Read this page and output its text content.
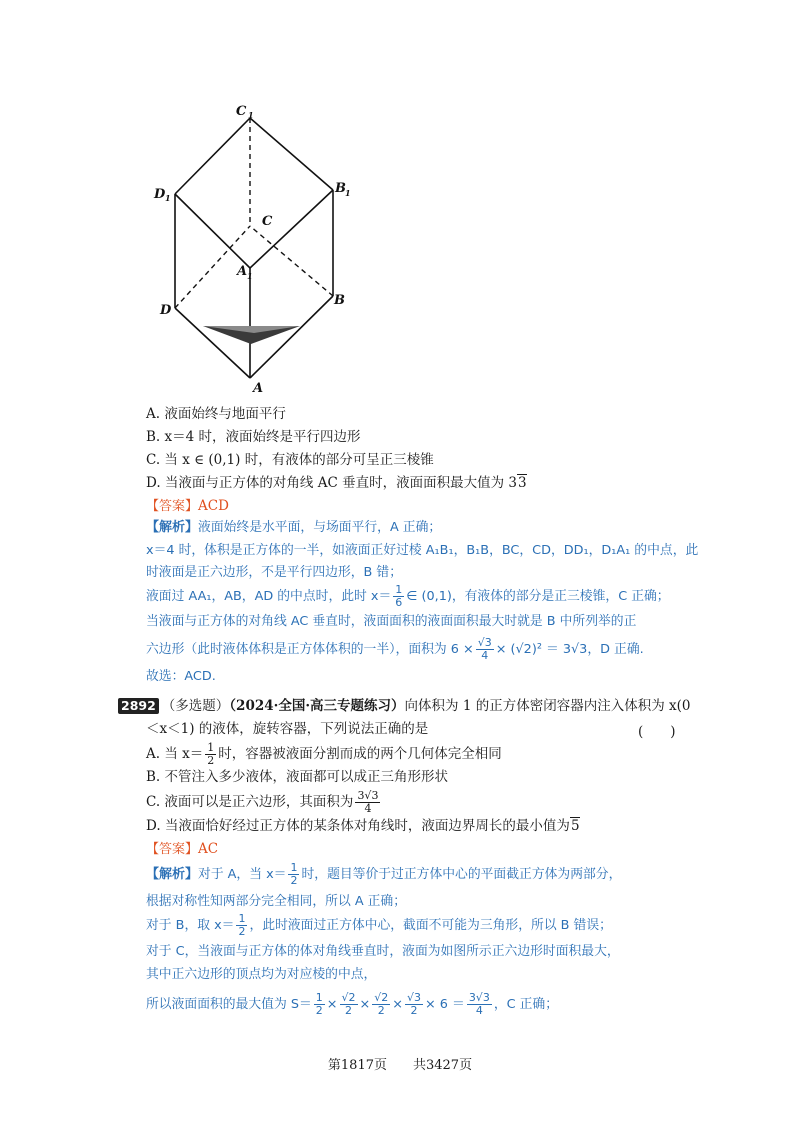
C 1
D 1
B 1
C
A 1
D
B
A
A. 液面始终与地面平行
B. x＝4 时，液面始终是平行四边形
C. 当 x ∈ (0,1) 时，有液体的部分可呈正三棱锥
D. 当液面与正方体的对角线 AC 垂直时，液面面积最大值为 33
【答案】ACD
【解析】液面始终是水平面，与场面平行，A 正确；
x＝4 时，体积是正方体的一半，如液面正好过棱 A₁B₁，B₁B，BC，CD，DD₁，D₁A₁ 的中点，此
时液面是正六边形，不是平行四边形，B 错；
液面过 AA₁，AB，AD 的中点时，此时 $x= \frac{1}{6}$ ∈ (0,1)，有液体的部分是正三棱锥，C 正确；
当液面与正方体的对角线 AC 垂直时，液面面积的液面面积最大时就是 B 中所列举的正
六边形（此时液体体积是正方体体积的一半），面积为 $6 \times \frac{√3}{4} \times (√2)^2 = 3√3$，D 正确.
故选：ACD.
2892 （多选题）（2024·全国·高三专题练习）向体积为 1 的正方体密闭容器内注入体积为 x(0
＜x＜1) 的液体，旋转容器，下列说法正确的是	(　　)
A. 当 $x= \frac{1}{2}$ 时，容器被液面分割而成的两个几何体完全相同
B. 不管注入多少液体，液面都可以成正三角形形状
C. 液面可以是正六边形，其面积为 $\frac{3√3}{4}$
D. 当液面恰好经过正方体的某条体对角线时，液面边界周长的最小值为5
【答案】AC
【解析】对于 A，当 $x= \frac{1}{2}$ 时，题目等价于过正方体中心的平面截正方体为两部分，
根据对称性知两部分完全相同，所以 A 正确；
对于 B，取 $x= \frac{1}{2}$ ，此时液面过正方体中心，截面不可能为三角形，所以 B 错误；
对于 C，当液面与正方体的体对角线垂直时，液面为如图所示正六边形时面积最大，
其中正六边形的顶点均为对应棱的中点，
所以液面面积的最大值为 $S= \frac{1}{2} \times \frac{√2}{2} \times \frac{√2}{2} \times \frac{√3}{2} \times 6 = \frac{3√3}{4}$ ，C 正确；
第1817页　　共3427页
